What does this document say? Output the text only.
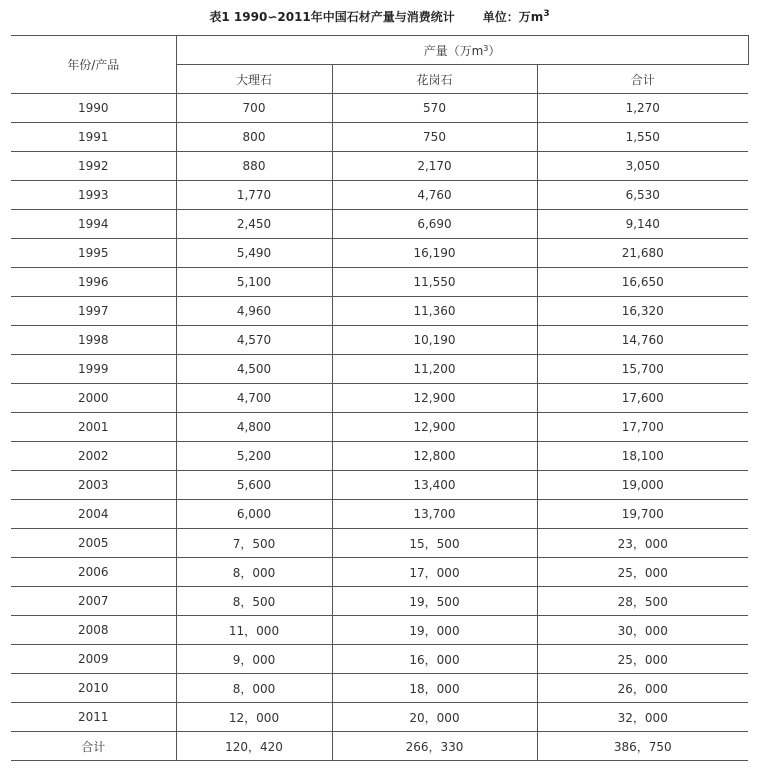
表1 1990∽2011年中国石材产量与消费统计 单位：万$m^3$
年份/产品	产量（万$m^3$）		
	大理石	花岗石	合计
1990	700	570	1,270
1991	800	750	1,550
1992	880	2,170	3,050
1993	1,770	4,760	6,530
1994	2,450	6,690	9,140
1995	5,490	16,190	21,680
1996	5,100	11,550	16,650
1997	4,960	11,360	16,320
1998	4,570	10,190	14,760
1999	4,500	11,200	15,700
2000	4,700	12,900	17,600
2001	4,800	12,900	17,700
2002	5,200	12,800	18,100
2003	5,600	13,400	19,000
2004	6,000	13,700	19,700
2005	7，500	15，500	23，000
2006	8，000	17，000	25，000
2007	8，500	19，500	28，500
2008	11，000	19，000	30，000
2009	9，000	16，000	25，000
2010	8，000	18，000	26，000
2011	12，000	20，000	32，000
合计	120，420	266，330	386，750
